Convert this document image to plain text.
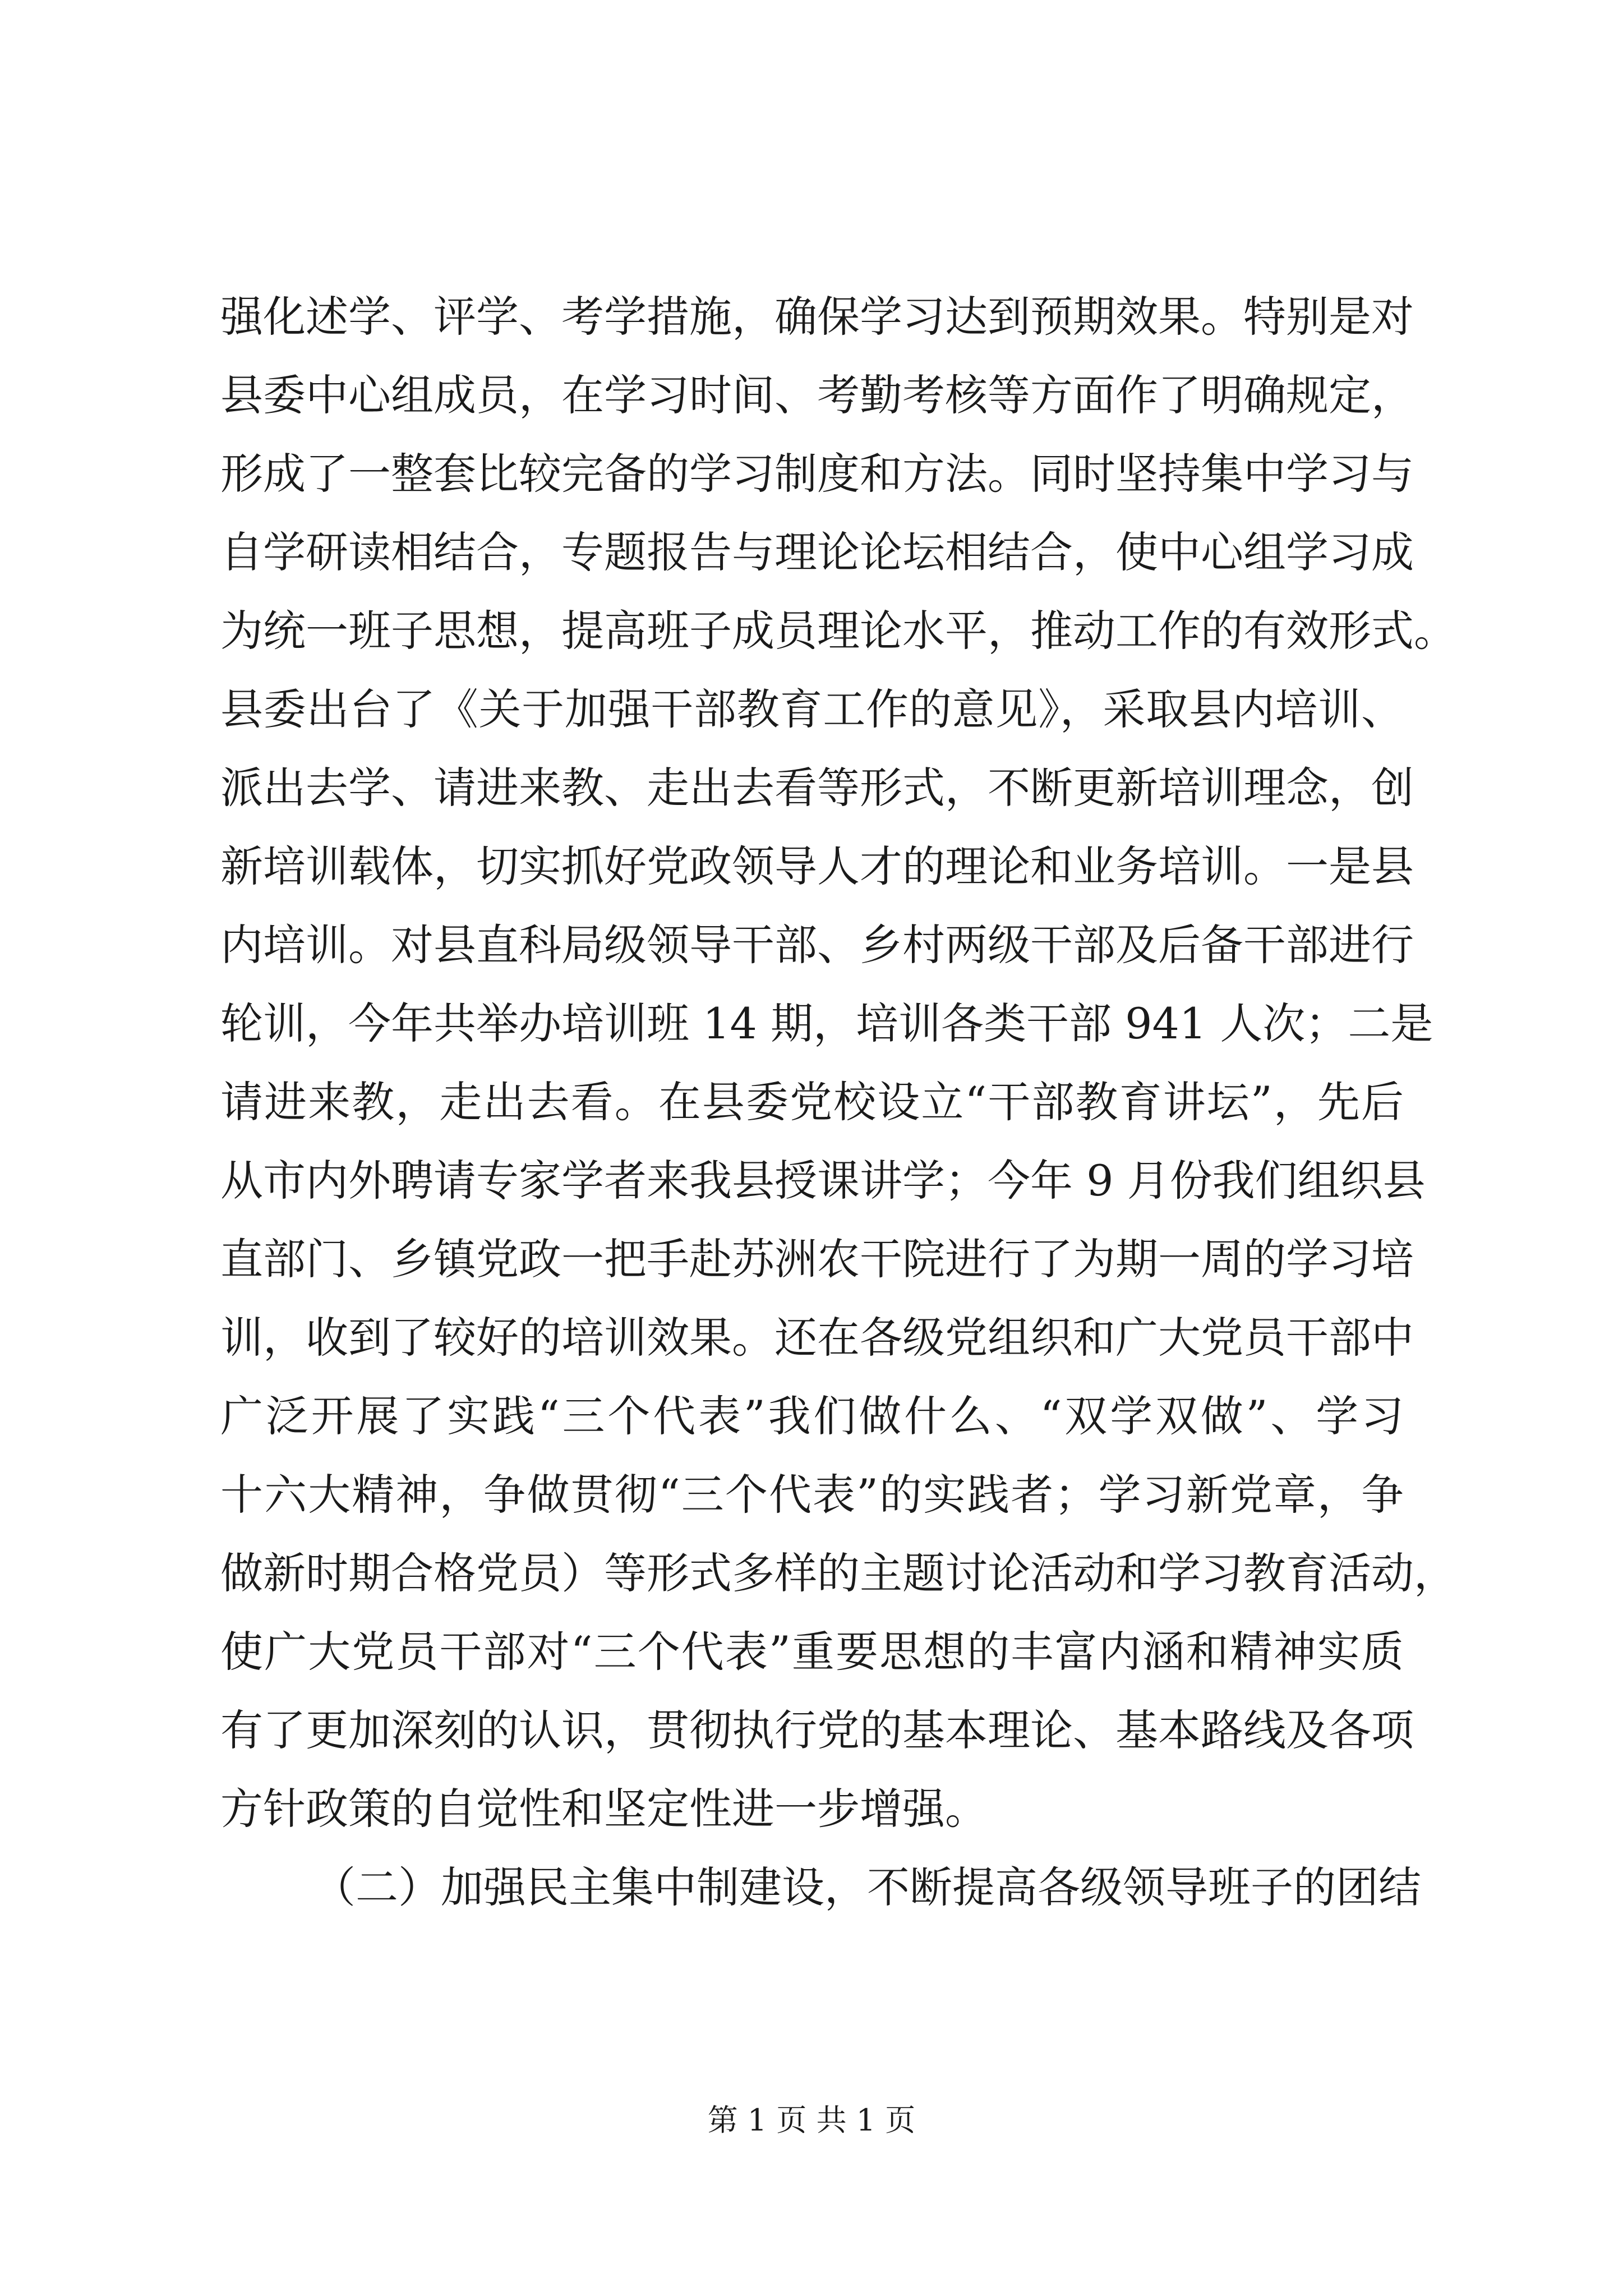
强化述学、评学、考学措施，确保学习达到预期效果。特别是对
县委中心组成员，在学习时间、考勤考核等方面作了明确规定，
形成了一整套比较完备的学习制度和方法。同时坚持集中学习与
自学研读相结合，专题报告与理论论坛相结合，使中心组学习成
为统一班子思想，提高班子成员理论水平，推动工作的有效形式。
县委出台了《关于加强干部教育工作的意见》，采取县内培训、
派出去学、请进来教、走出去看等形式，不断更新培训理念，创
新培训载体，切实抓好党政领导人才的理论和业务培训。一是县
内培训。对县直科局级领导干部、乡村两级干部及后备干部进行
轮训，今年共举办培训班 14 期，培训各类干部 941 人次；二是
请进来教，走出去看。在县委党校设立“干部教育讲坛”，先后
从市内外聘请专家学者来我县授课讲学；今年 9 月份我们组织县
直部门、乡镇党政一把手赴苏洲农干院进行了为期一周的学习培
训，收到了较好的培训效果。还在各级党组织和广大党员干部中
广泛开展了实践“三个代表”我们做什么、“双学双做”、学习
十六大精神，争做贯彻“三个代表”的实践者；学习新党章，争
做新时期合格党员）等形式多样的主题讨论活动和学习教育活动，
使广大党员干部对“三个代表”重要思想的丰富内涵和精神实质
有了更加深刻的认识，贯彻执行党的基本理论、基本路线及各项
方针政策的自觉性和坚定性进一步增强。
（二）加强民主集中制建设，不断提高各级领导班子的团结
第 1 页 共 1 页
